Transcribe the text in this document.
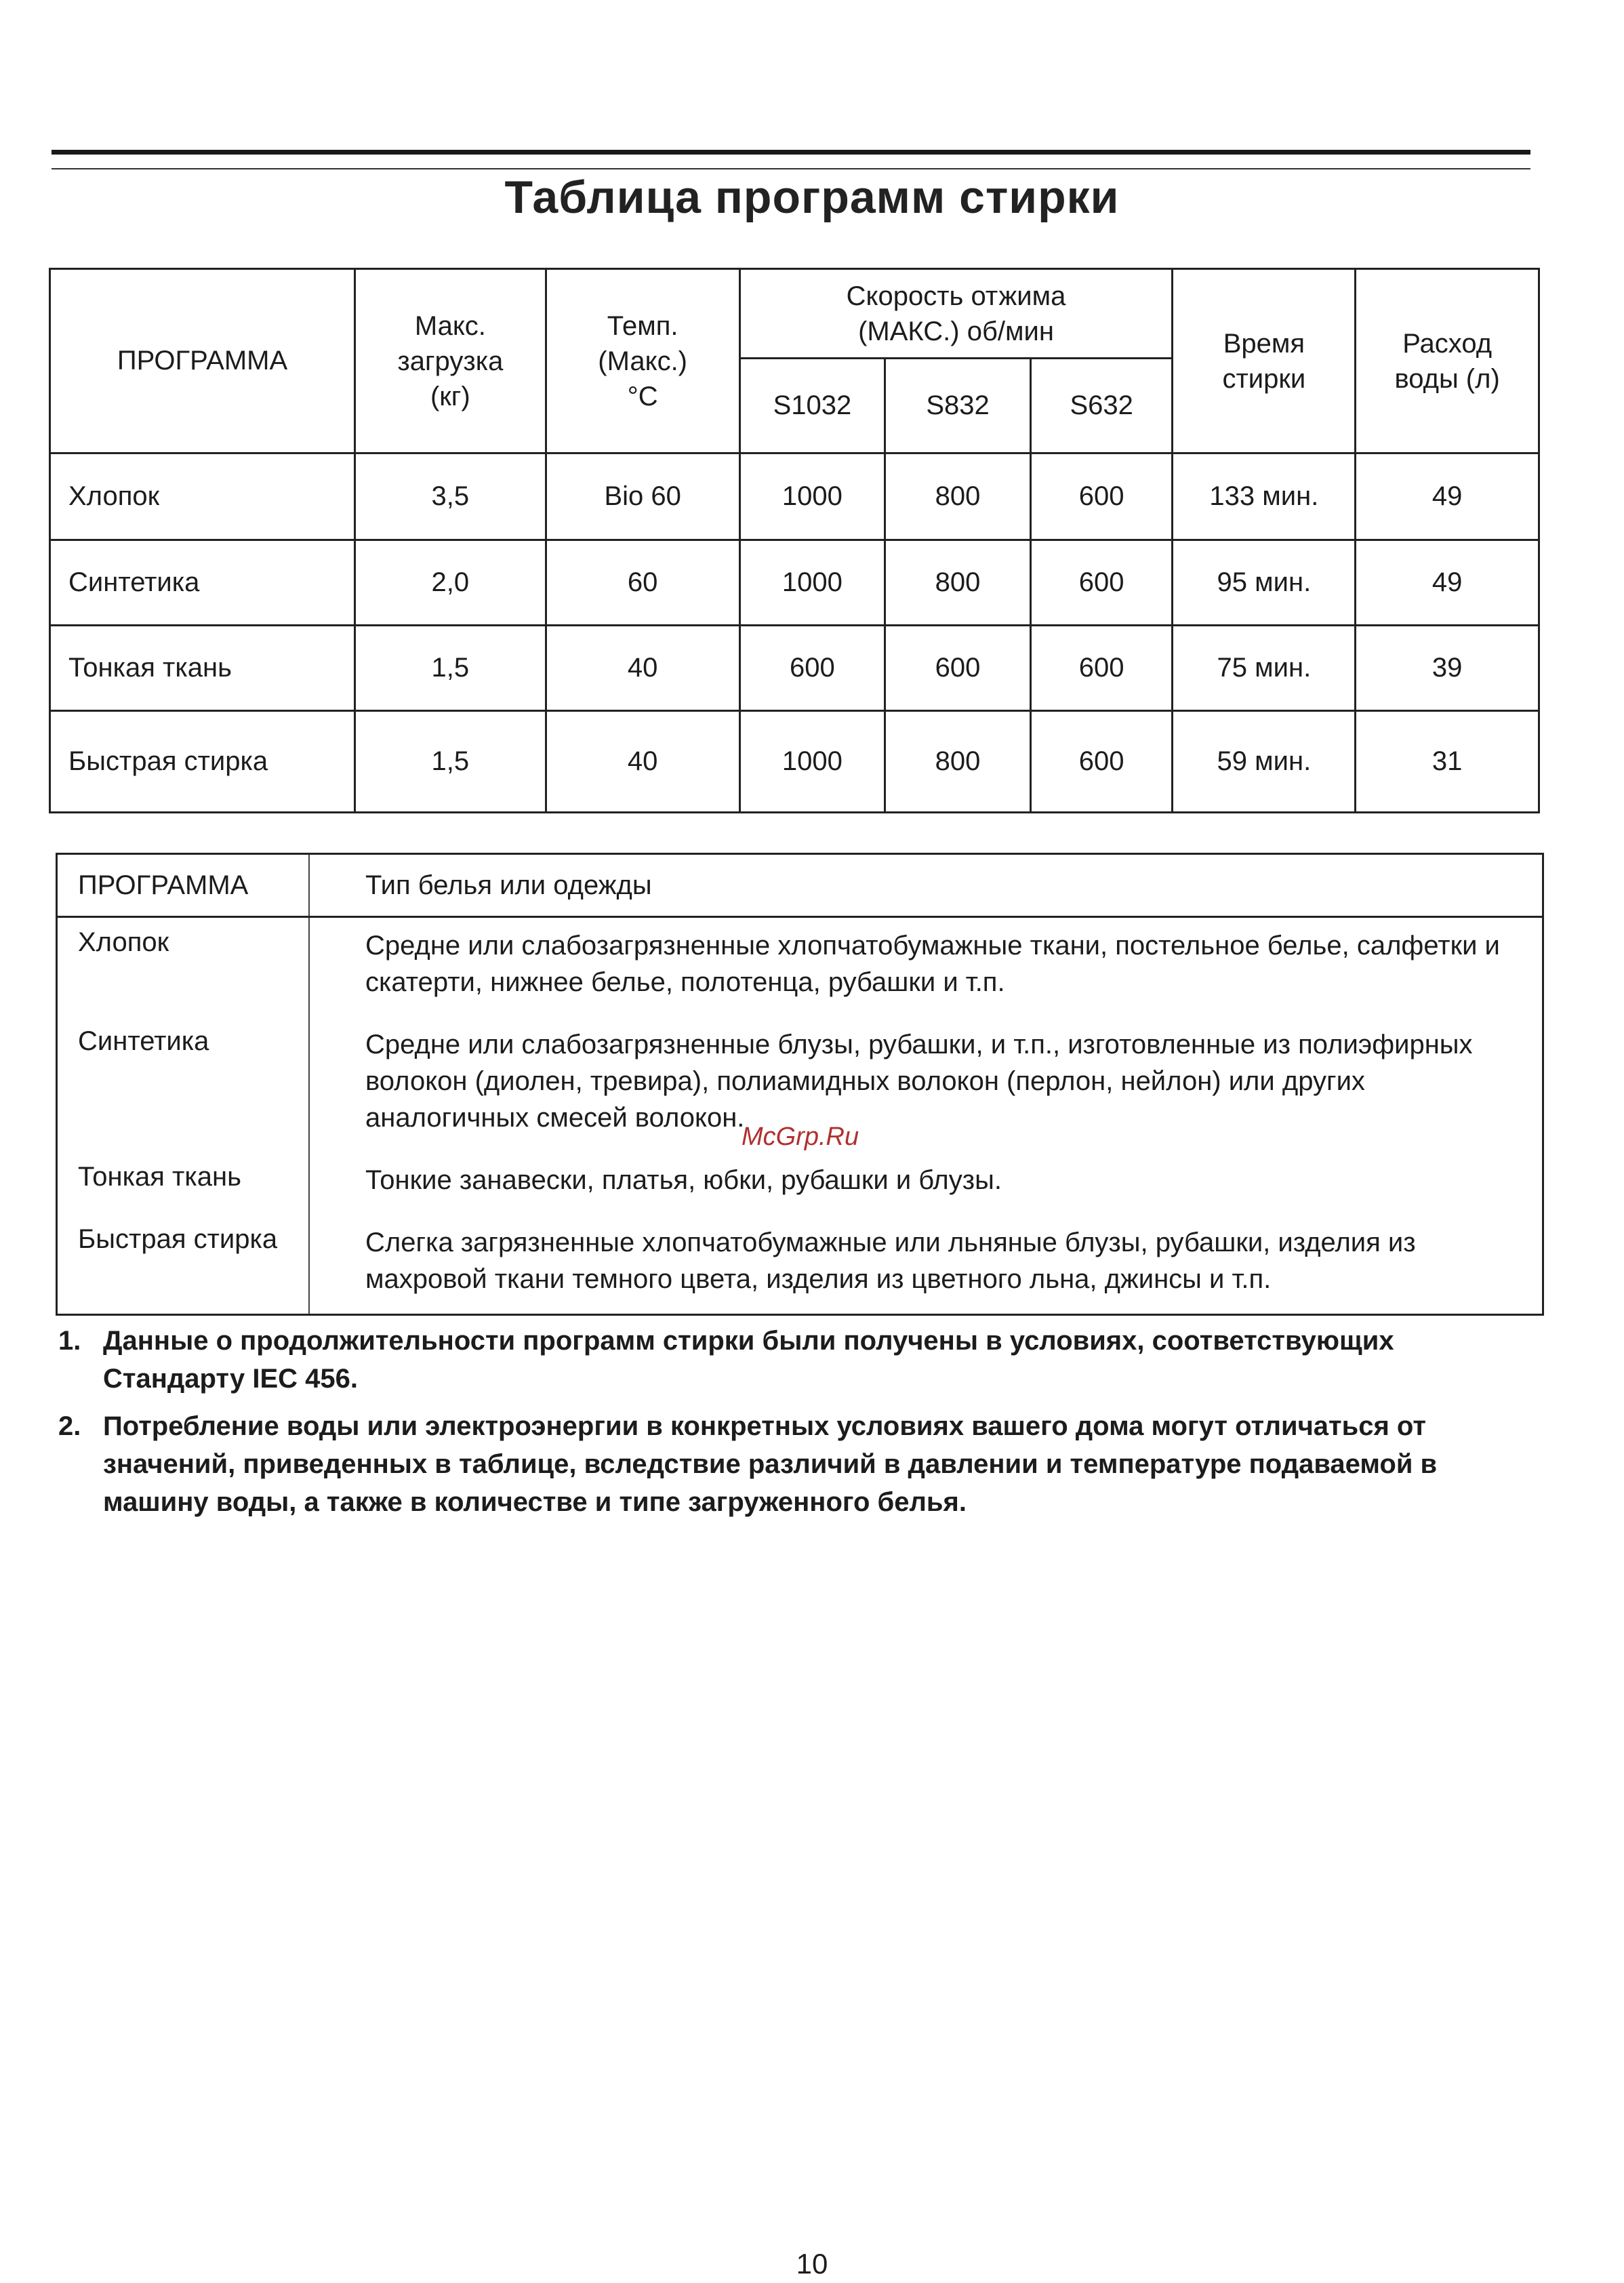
Таблица программ стирки
ПРОГРАММА	Макс. загрузка (кг)	Темп. (Макс.) °C	Скорость отжима (МАКС.) об/мин			Время стирки	Расход воды (л)
			S1032	S832	S632		
Хлопок	3,5	Bio 60	1000	800	600	133 мин.	49
Синтетика	2,0	60	1000	800	600	95 мин.	49
Тонкая ткань	1,5	40	600	600	600	75 мин.	39
Быстрая стирка	1,5	40	1000	800	600	59 мин.	31
ПРОГРАММА	Тип белья или одежды
Хлопок	Средне или слабозагрязненные хлопчатобумажные ткани, постельное белье, салфетки и скатерти, нижнее белье, полотенца, рубашки и т.п.
Синтетика	Средне или слабозагрязненные блузы, рубашки, и т.п., изготовленные из полиэфирных волокон (диолен, тревира), полиамидных волокон (перлон, нейлон) или других аналогичных смесей волокон.
Тонкая ткань	Тонкие занавески, платья, юбки, рубашки и блузы.
Быстрая стирка	Слегка загрязненные хлопчатобумажные или льняные блузы, рубашки, изделия из махровой ткани темного цвета, изделия из цветного льна, джинсы и т.п.
McGrp.Ru
1. Данные о продолжительности программ стирки были получены в условиях, соответствующих Стандарту IEC 456.
2. Потребление воды или электроэнергии в конкретных условиях вашего дома могут отличаться от значений, приведенных в таблице, вследствие различий в давлении и температуре подаваемой в машину воды, а также в количестве и типе загруженного белья.
10
